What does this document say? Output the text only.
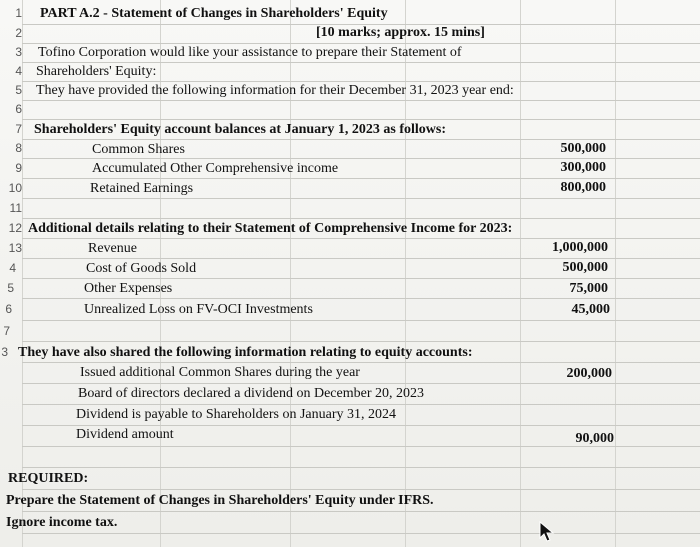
1
2
3
4
5
6
7
8
9
10
11
12
13
4
5
6
7
3
PART A.2 - Statement of Changes in Shareholders' Equity
[10 marks; approx. 15 mins]
Tofino Corporation would like your assistance to prepare their Statement of
Shareholders' Equity:
They have provided the following information for their December 31, 2023 year end:
Shareholders' Equity account balances at January 1, 2023 as follows:
Common Shares	500,000
Accumulated Other Comprehensive income	300,000
Retained Earnings	800,000
Additional details relating to their Statement of Comprehensive Income for 2023:
Revenue	1,000,000
Cost of Goods Sold	500,000
Other Expenses	75,000
Unrealized Loss on FV-OCI Investments	45,000
They have also shared the following information relating to equity accounts:
Issued additional Common Shares during the year	200,000
Board of directors declared a dividend on December 20, 2023
Dividend is payable to Shareholders on January 31, 2024
Dividend amount	90,000
REQUIRED:
Prepare the Statement of Changes in Shareholders' Equity under IFRS.
Ignore income tax.
